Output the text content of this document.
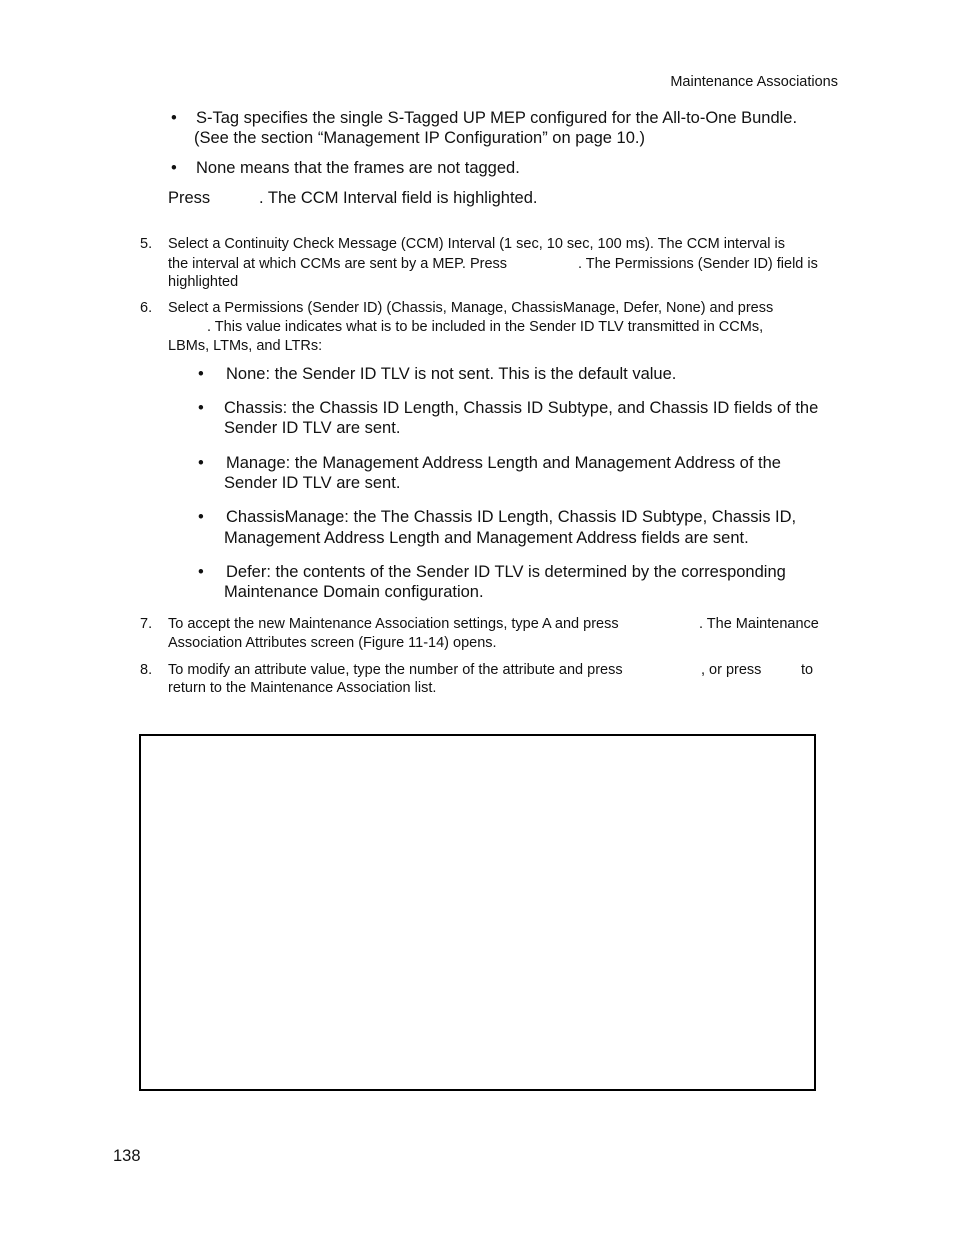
Maintenance Associations
• S-Tag specifies the single S-Tagged UP MEP configured for the All-to-One Bundle.
(See the section “Management IP Configuration” on page 10.)
• None means that the frames are not tagged.
Press	. The CCM Interval field is highlighted.
5. Select a Continuity Check Message (CCM) Interval (1 sec, 10 sec, 100 ms). The CCM interval is
the interval at which CCMs are sent by a MEP. Press	. The Permissions (Sender ID) field is
highlighted
6. Select a Permissions (Sender ID) (Chassis, Manage, ChassisManage, Defer, None) and press
. This value indicates what is to be included in the Sender ID TLV transmitted in CCMs,
LBMs, LTMs, and LTRs:
• None: the Sender ID TLV is not sent. This is the default value.
• Chassis: the Chassis ID Length, Chassis ID Subtype, and Chassis ID fields of the
Sender ID TLV are sent.
• Manage: the Management Address Length and Management Address of the
Sender ID TLV are sent.
• ChassisManage: the The Chassis ID Length, Chassis ID Subtype, Chassis ID,
Management Address Length and Management Address fields are sent.
• Defer: the contents of the Sender ID TLV is determined by the corresponding
Maintenance Domain configuration.
7. To accept the new Maintenance Association settings, type A and press	. The Maintenance
Association Attributes screen (Figure 11-14) opens.
8. To modify an attribute value, type the number of the attribute and press	, or press	to
return to the Maintenance Association list.
138
